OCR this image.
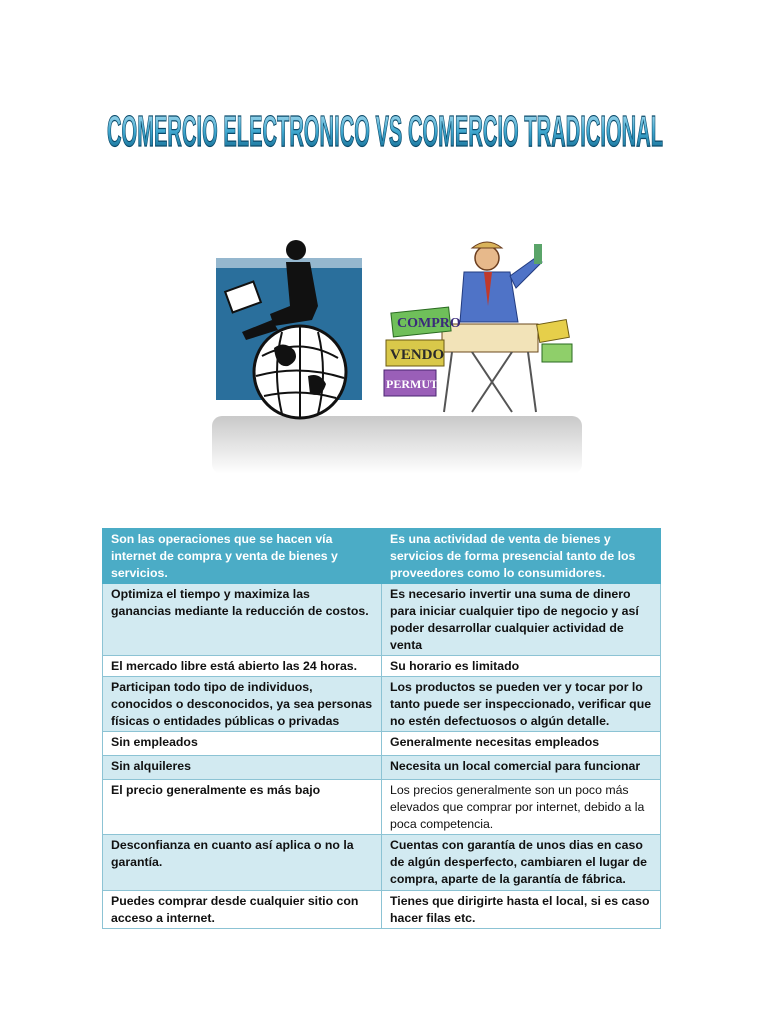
COMERCIO ELECTRONICO VS COMERCIO TRADICIONAL
COMPRO
VENDO
PERMUTO
Son las operaciones que se hacen vía internet de compra y venta de bienes y servicios.	Es una actividad de venta de bienes y servicios de forma presencial tanto de los proveedores como lo consumidores.
Optimiza el tiempo y maximiza las ganancias mediante la reducción de costos.	Es necesario invertir una suma de dinero para iniciar cualquier tipo de negocio y así poder desarrollar cualquier actividad de venta
El mercado libre está abierto las 24 horas.	Su horario es limitado
Participan todo tipo de individuos, conocidos o desconocidos, ya sea personas físicas o entidades públicas o privadas	Los productos se pueden ver y tocar por lo tanto puede ser inspeccionado, verificar que no estén defectuosos o algún detalle.
Sin empleados	Generalmente necesitas empleados
Sin alquileres	Necesita un local comercial para funcionar
El precio generalmente es más bajo	Los precios generalmente son un poco más elevados que comprar por internet, debido a la poca competencia.
Desconfianza en cuanto así aplica o no la garantía.	Cuentas con garantía de unos dias en caso de algún desperfecto, cambiaren el lugar de compra, aparte de la garantía de fábrica.
Puedes comprar desde cualquier sitio con acceso a internet.	Tienes que dirigirte hasta el local, si es caso hacer filas etc.
